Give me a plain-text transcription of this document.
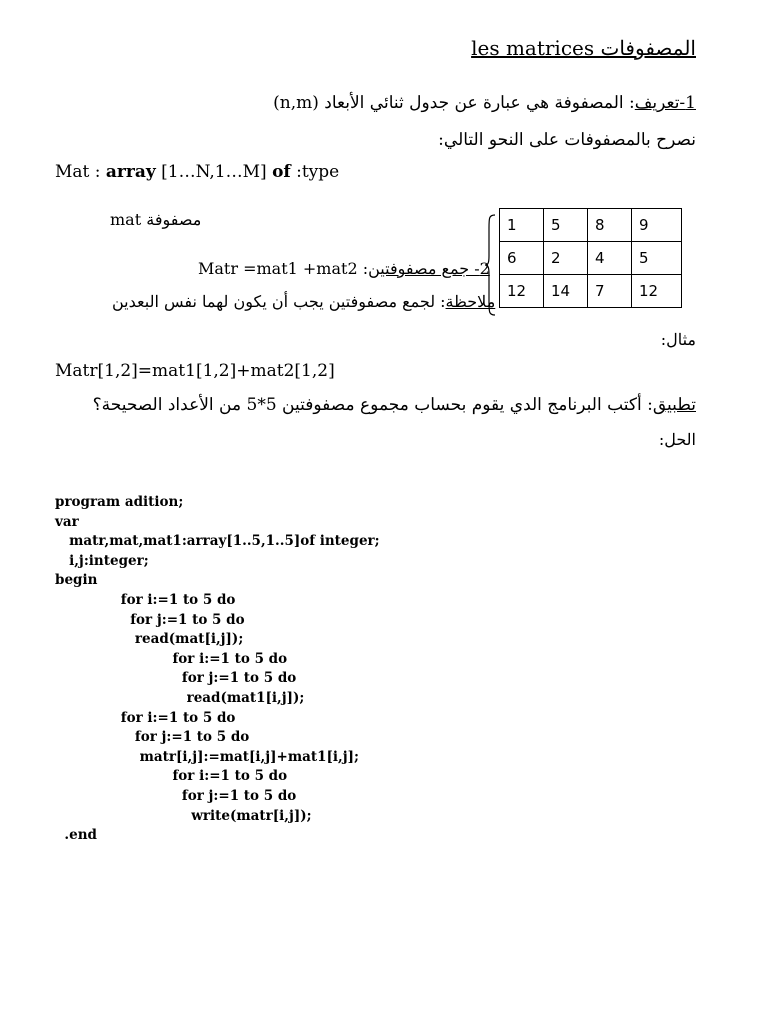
les matrices المصفوفات
1-تعريف: المصفوفة هي عبارة عن جدول ثنائي الأبعاد (n,m)
نصرح بالمصفوفات على النحو التالي:
Mat : array [1…N,1…M] of :type
mat مصفوفة
2- جمع مصفوفتين: Matr =mat1 +mat2
ملاحظة: لجمع مصفوفتين يجب أن يكون لهما نفس البعدين
1	5	8	9
6	2	4	5
12	14	7	12
مثال:
Matr[1,2]=mat1[1,2]+mat2[1,2]
تطبيق: أكتب البرنامج الدي يقوم بحساب مجموع مصفوفتين 5*5 من الأعداد الصحيحة؟
الحل:
program adition;
var
matr,mat,mat1:array[1..5,1..5]of integer;
i,j:integer;
begin
for i:=1 to 5 do
for j:=1 to 5 do
read(mat[i,j]);
for i:=1 to 5 do
for j:=1 to 5 do
read(mat1[i,j]);
for i:=1 to 5 do
for j:=1 to 5 do
matr[i,j]:=mat[i,j]+mat1[i,j];
for i:=1 to 5 do
for j:=1 to 5 do
write(matr[i,j]);
.end
